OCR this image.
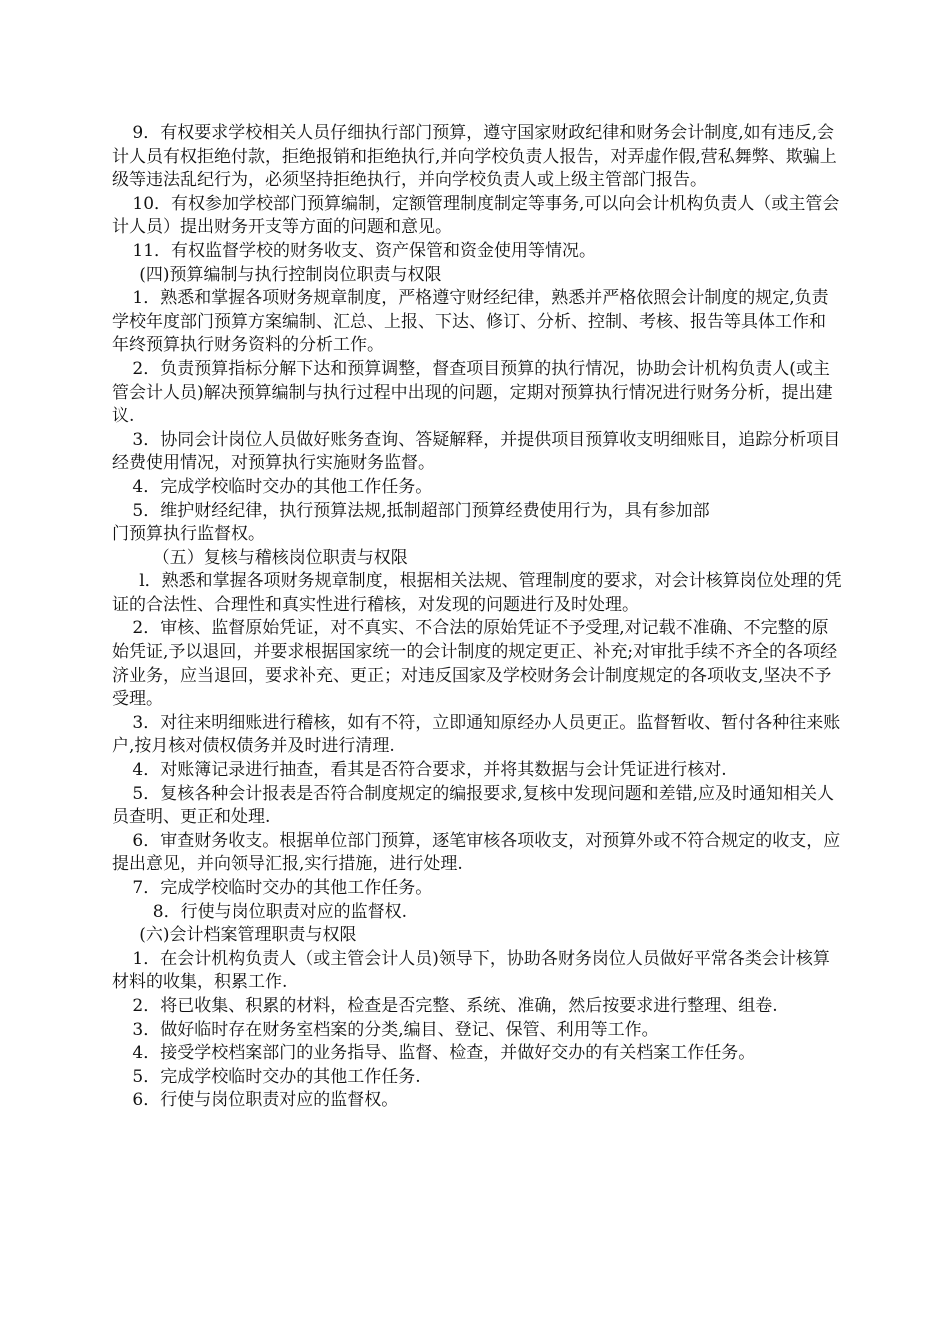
9．有权要求学校相关人员仔细执行部门预算，遵守国家财政纪律和财务会计制度,如有违反,会计人员有权拒绝付款，拒绝报销和拒绝执行,并向学校负责人报告，对弄虚作假,营私舞弊、欺骗上级等违法乱纪行为，必须坚持拒绝执行，并向学校负责人或上级主管部门报告。

10．有权参加学校部门预算编制，定额管理制度制定等事务,可以向会计机构负责人（或主管会计人员）提出财务开支等方面的问题和意见。

11．有权监督学校的财务收支、资产保管和资金使用等情况。

(四)预算编制与执行控制岗位职责与权限

1．熟悉和掌握各项财务规章制度，严格遵守财经纪律，熟悉并严格依照会计制度的规定,负责学校年度部门预算方案编制、汇总、上报、下达、修订、分析、控制、考核、报告等具体工作和年终预算执行财务资料的分析工作。

2．负责预算指标分解下达和预算调整，督查项目预算的执行情况，协助会计机构负责人(或主管会计人员)解决预算编制与执行过程中出现的问题，定期对预算执行情况进行财务分析，提出建议.

3．协同会计岗位人员做好账务查询、答疑解释，并提供项目预算收支明细账目，追踪分析项目经费使用情况，对预算执行实施财务监督。

4．完成学校临时交办的其他工作任务。

5．维护财经纪律，执行预算法规,抵制超部门预算经费使用行为，具有参加部

门预算执行监督权。

（五）复核与稽核岗位职责与权限

l．熟悉和掌握各项财务规章制度，根据相关法规、管理制度的要求，对会计核算岗位处理的凭证的合法性、合理性和真实性进行稽核，对发现的问题进行及时处理。

2．审核、监督原始凭证，对不真实、不合法的原始凭证不予受理,对记载不准确、不完整的原始凭证,予以退回，并要求根据国家统一的会计制度的规定更正、补充;对审批手续不齐全的各项经济业务，应当退回，要求补充、更正；对违反国家及学校财务会计制度规定的各项收支,坚决不予受理。

3．对往来明细账进行稽核，如有不符，立即通知原经办人员更正。监督暂收、暂付各种往来账户,按月核对债权债务并及时进行清理.

4．对账簿记录进行抽查，看其是否符合要求，并将其数据与会计凭证进行核对.

5．复核各种会计报表是否符合制度规定的编报要求,复核中发现问题和差错,应及时通知相关人员查明、更正和处理.

6．审查财务收支。根据单位部门预算，逐笔审核各项收支，对预算外或不符合规定的收支，应提出意见，并向领导汇报,实行措施，进行处理.

7．完成学校临时交办的其他工作任务。

8．行使与岗位职责对应的监督权.

(六)会计档案管理职责与权限

1．在会计机构负责人（或主管会计人员)领导下，协助各财务岗位人员做好平常各类会计核算材料的收集，积累工作.

2．将已收集、积累的材料，检查是否完整、系统、准确，然后按要求进行整理、组卷.

3．做好临时存在财务室档案的分类,编目、登记、保管、利用等工作。

4．接受学校档案部门的业务指导、监督、检查，并做好交办的有关档案工作任务。

5．完成学校临时交办的其他工作任务.

6．行使与岗位职责对应的监督权。
